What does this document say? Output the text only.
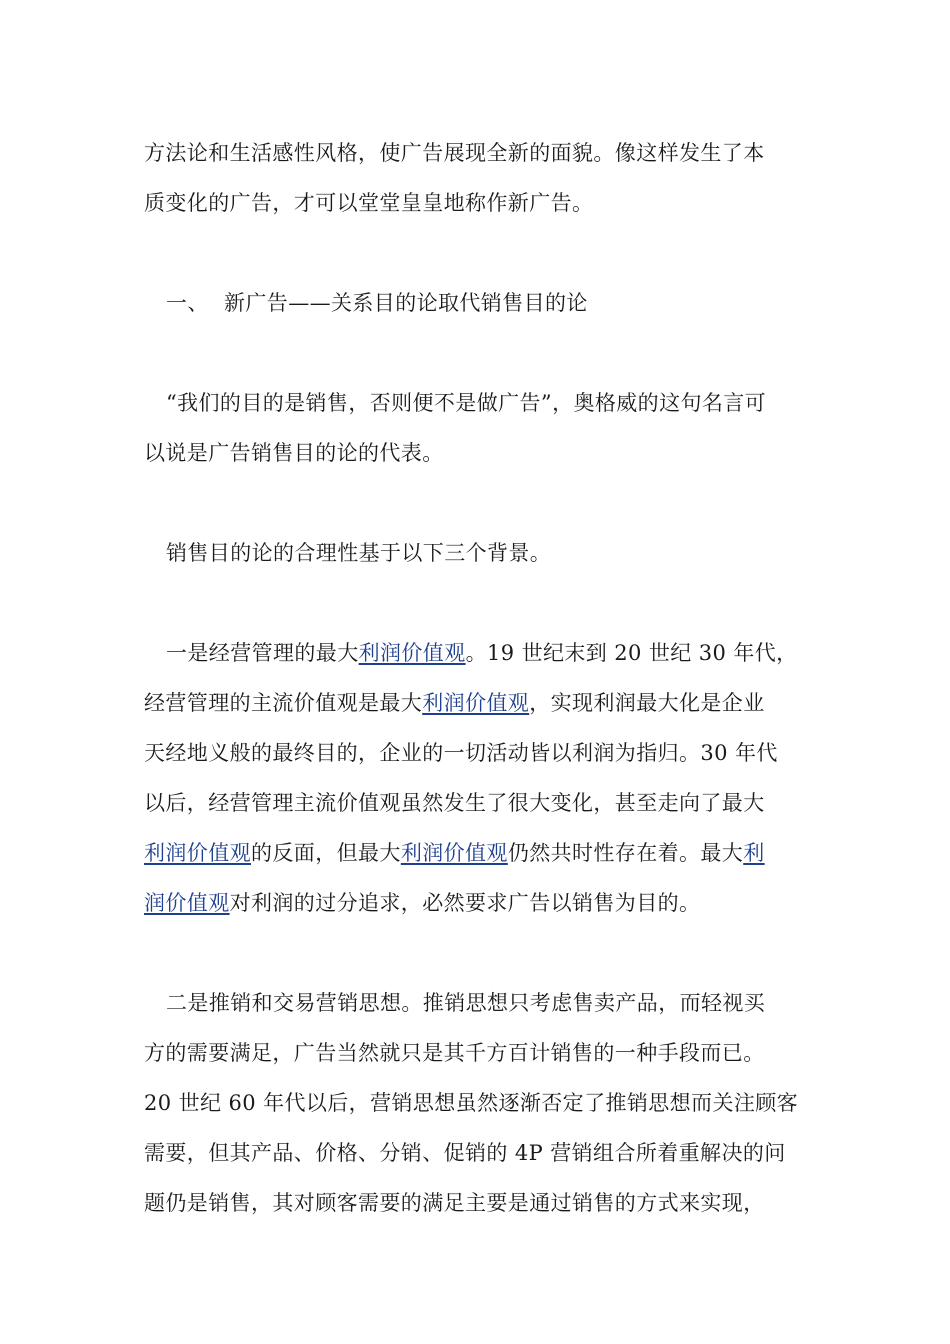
方法论和生活感性风格，使广告展现全新的面貌。像这样发生了本
质变化的广告，才可以堂堂皇皇地称作新广告。
一、 新广告——关系目的论取代销售目的论
“我们的目的是销售，否则便不是做广告”，奥格威的这句名言可
以说是广告销售目的论的代表。
销售目的论的合理性基于以下三个背景。
一是经营管理的最大利润价值观。19 世纪末到 20 世纪 30 年代，
经营管理的主流价值观是最大利润价值观，实现利润最大化是企业
天经地义般的最终目的，企业的一切活动皆以利润为指归。30 年代
以后，经营管理主流价值观虽然发生了很大变化，甚至走向了最大
利润价值观的反面，但最大利润价值观仍然共时性存在着。最大利
润价值观对利润的过分追求，必然要求广告以销售为目的。
二是推销和交易营销思想。推销思想只考虑售卖产品，而轻视买
方的需要满足，广告当然就只是其千方百计销售的一种手段而已。
20 世纪 60 年代以后，营销思想虽然逐渐否定了推销思想而关注顾客
需要，但其产品、价格、分销、促销的 4P 营销组合所着重解决的问
题仍是销售，其对顾客需要的满足主要是通过销售的方式来实现，
